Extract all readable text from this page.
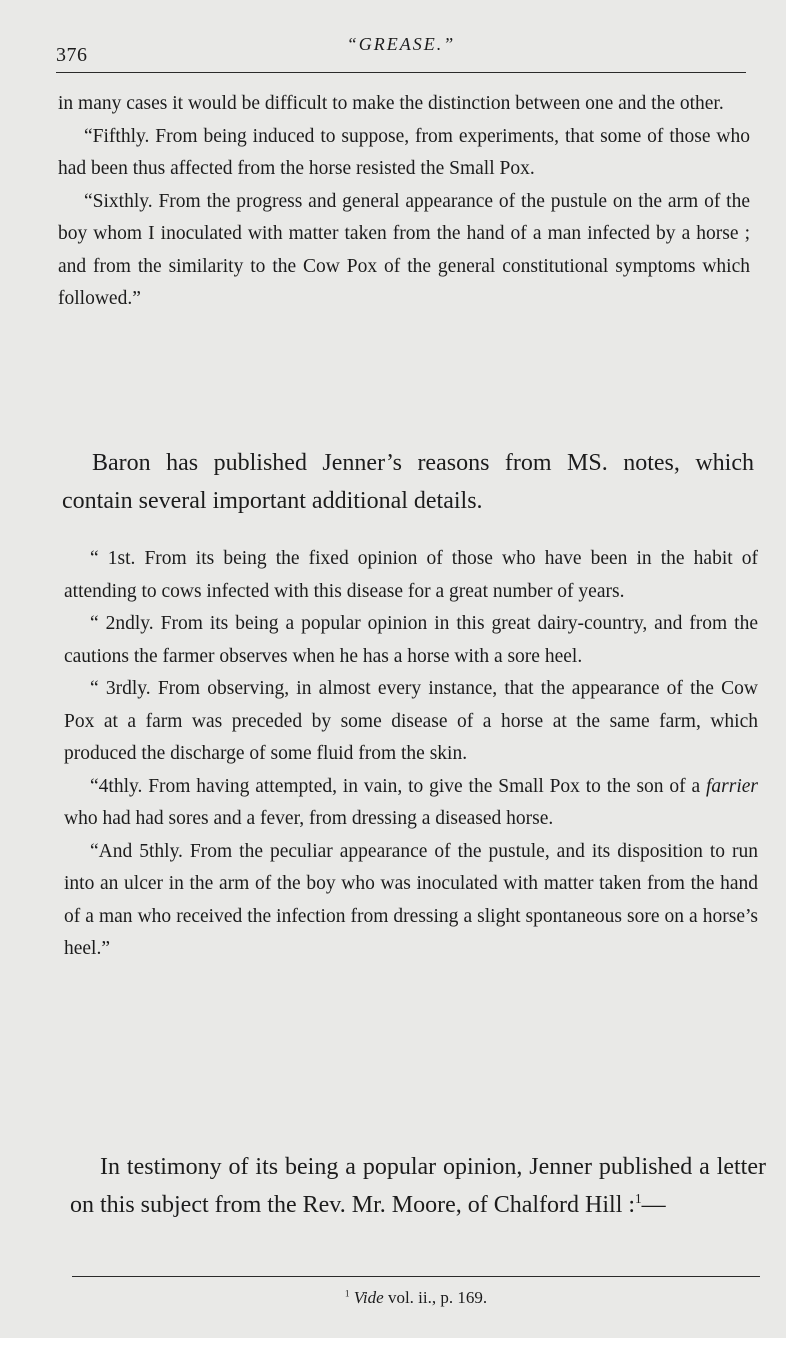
376	“GREASE.”

in many cases it would be difficult to make the distinction between one and the other.

“Fifthly. From being induced to suppose, from experiments, that some of those who had been thus affected from the horse resisted the Small Pox.

“Sixthly. From the progress and general appearance of the pustule on the arm of the boy whom I inoculated with matter taken from the hand of a man infected by a horse ; and from the similarity to the Cow Pox of the general constitutional symptoms which followed.”

Baron has published Jenner’s reasons from MS. notes, which contain several important additional details.

“ 1st. From its being the fixed opinion of those who have been in the habit of attending to cows infected with this disease for a great number of years.

“ 2ndly. From its being a popular opinion in this great dairy-country, and from the cautions the farmer observes when he has a horse with a sore heel.

“ 3rdly. From observing, in almost every instance, that the appearance of the Cow Pox at a farm was preceded by some disease of a horse at the same farm, which produced the discharge of some fluid from the skin.

“4thly. From having attempted, in vain, to give the Small Pox to the son of a farrier who had had sores and a fever, from dressing a diseased horse.

“And 5thly. From the peculiar appearance of the pustule, and its disposition to run into an ulcer in the arm of the boy who was inoculated with matter taken from the hand of a man who received the infection from dressing a slight spontaneous sore on a horse’s heel.”

In testimony of its being a popular opinion, Jenner published a letter on this subject from the Rev. Mr. Moore, of Chalford Hill :$^1$—

$^1$ Vide vol. ii., p. 169.
